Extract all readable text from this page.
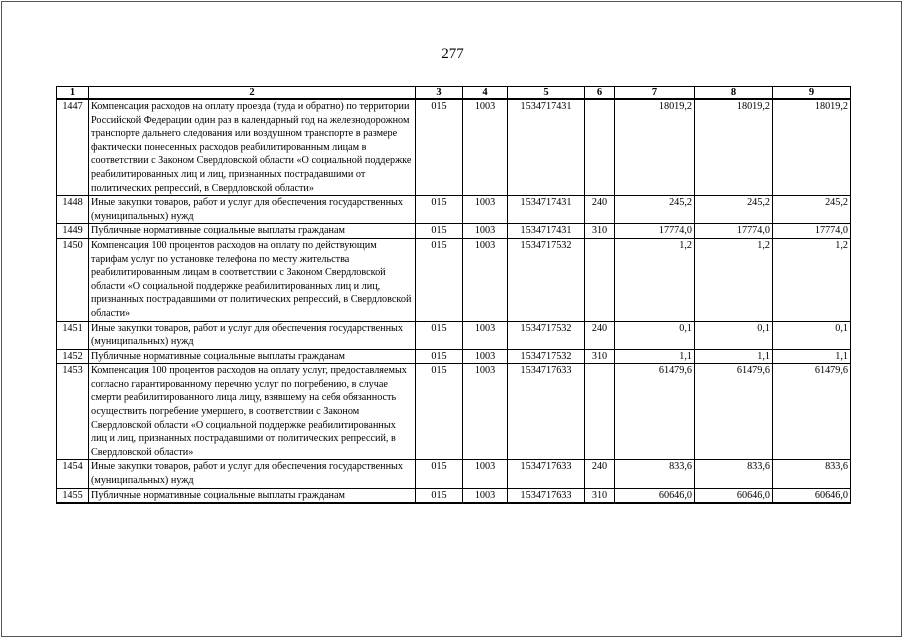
277
1	2	3	4	5	6	7	8	9
1447	Компенсация расходов на оплату проезда (туда и обратно) по территории Российской Федерации один раз в календарный год на железнодорожном транспорте дальнего следования или воздушном транспорте в размере фактически понесенных расходов реабилитированным лицам в соответствии с Законом Свердловской области «О социальной поддержке реабилитированных лиц и лиц, признанных пострадавшими от политических репрессий, в Свердловской области»	015	1003	1534717431		18019,2	18019,2	18019,2
1448	Иные закупки товаров, работ и услуг для обеспечения государственных (муниципальных) нужд	015	1003	1534717431	240	245,2	245,2	245,2
1449	Публичные нормативные социальные выплаты гражданам	015	1003	1534717431	310	17774,0	17774,0	17774,0
1450	Компенсация 100 процентов расходов на оплату по действующим тарифам услуг по установке телефона по месту жительства реабилитированным лицам в соответствии с Законом Свердловской области «О социальной поддержке реабилитированных лиц и лиц, признанных пострадавшими от политических репрессий, в Свердловской области»	015	1003	1534717532		1,2	1,2	1,2
1451	Иные закупки товаров, работ и услуг для обеспечения государственных (муниципальных) нужд	015	1003	1534717532	240	0,1	0,1	0,1
1452	Публичные нормативные социальные выплаты гражданам	015	1003	1534717532	310	1,1	1,1	1,1
1453	Компенсация 100 процентов расходов на оплату услуг, предоставляемых согласно гарантированному перечню услуг по погребению, в случае смерти реабилитированного лица лицу, взявшему на себя обязанность осуществить погребение умершего, в соответствии с Законом Свердловской области «О социальной поддержке реабилитированных лиц и лиц, признанных пострадавшими от политических репрессий, в Свердловской области»	015	1003	1534717633		61479,6	61479,6	61479,6
1454	Иные закупки товаров, работ и услуг для обеспечения государственных (муниципальных) нужд	015	1003	1534717633	240	833,6	833,6	833,6
1455	Публичные нормативные социальные выплаты гражданам	015	1003	1534717633	310	60646,0	60646,0	60646,0
